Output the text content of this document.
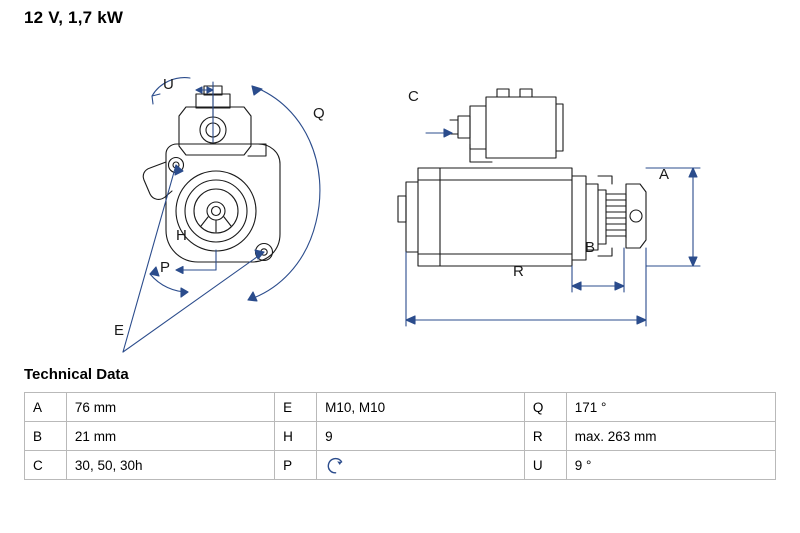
12 V, 1,7 kW
U
Q
H
P
E
C
A
B
R
Technical Data
A	76 mm	E	M10, M10	Q	171 °
B	21 mm	H	9	R	max. 263 mm
C	30, 50, 30h	P		U	9 °
